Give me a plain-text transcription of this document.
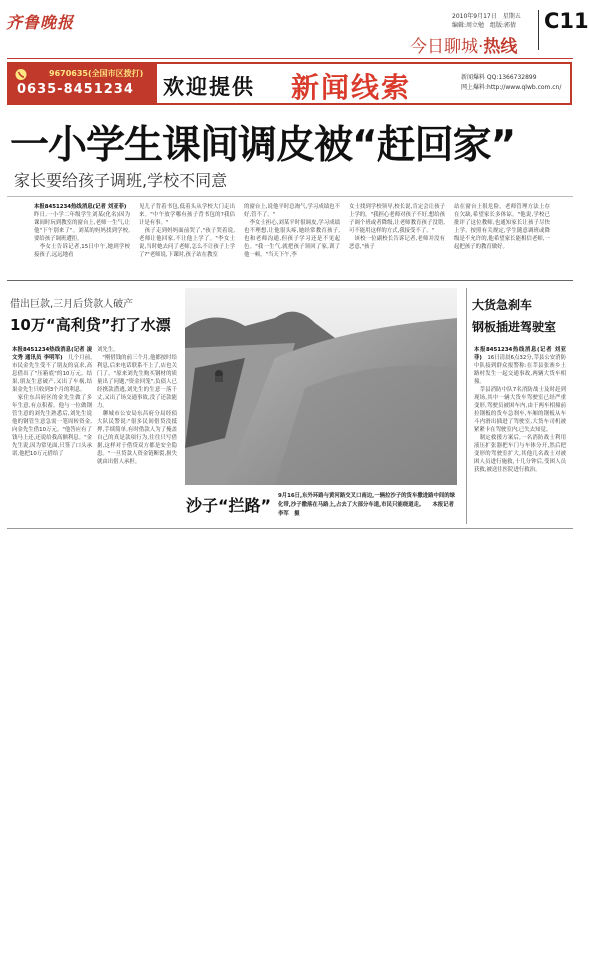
齐鲁晚报	2010年9月17日　星期五
编辑:周立勉　组版:郭倩	C11
今日聊城·热线
9670635(全国市区拨打)
0635-8451234 欢迎提供 新闻线索	新闻爆料 QQ:1366732899
网上爆料:http://www.qlwb.com.cn/
一小学生课间调皮被“赶回家”
家长要给孩子调班,学校不同意
本报8451234热线消息(记者 刘亚菲)　昨日,一小学二年级学生刘某(化名)因为课间时玩到教室的窗台上,老师一生气,让他"下午别来了"。刘某的妈妈找到学校,要给孩子调班遭拒。
　李女士告诉记者,15日中午,她到学校接孩子,远远地看
见儿子背着书包,低着头从学校大门走出来。"中午放学哪有孩子背书包的?我估计是有事。"
　孩子走到妈妈面前哭了,"孩子哭着说,老师让他回家,不让他上学了。"李女士说,当时她去问了老师,怎么不让孩子上学了?"老师说,下课时,孩子站在教室
的窗台上,说他平时总淘气,学习成绩也不好,管不了。"
　李女士担心,刘某平时很调皮,学习成绩也不理想,让他很头疼,她经常教育孩子,也和老师沟通,但孩子学习还是不见起色。"我一生气,就把孩子领回了家,训了他一顿。"当天下午,李
女士找到学校领导,校长说,肯定会让孩子上学的。"我担心老师对孩子不好,想给孩子调个班或者降级,让老师教育孩子没错,可不能用这样的方式,我接受不了。"
　该校一位副校长告诉记者,老师并没有恶意,"孩子
站在窗台上很危险。老师管理方法上存在欠缺,希望家长多体谅。"他说,学校已批评了这位教师,也通知家长让孩子尽快上学。按照有关规定,学生随意调班或降级是不允许的,他希望家长能相信老师,一起把孩子的教育做好。
借出巨款,三月后贷款人破产
10万“高利贷”打了水漂
本报8451234热线消息(记者 凌文秀 通讯员 李明军)　几个月前,市民金先生受不了朋友的哀求,高息借出了"压箱底"的10万元。结果,朋友生意破产,又出了车祸,结果金先生只收到3个月的利息。
　家住东昌府区的金先生做了多年生意,有点积蓄。他与一位做钢管生意的刘先生熟悉后,刘先生说他的钢管生意急需一笔周转资金,向金先生借10万元。"他答应有了钱马上还,还说给我高额利息。"金先生说,因为常见面,只签了口头承诺,他把10万元借给了
刘先生。
　"刚借钱的前三个月,他都按时给利息,后来电话联系不上了,店也关门了。"原来刘先生购买钢材的质量出了问题,"资金回笼",负债人已经携款潜逃,刘先生的生意一落千丈,又出了场交通事故,没了还款能力。
　聊城市公安局东昌府分局经侦大队民警说:"很多民间借贷没抵押,手续简单,有时借款人为了掩盖自己的真是款项行为,往往只写借据,这样对于借贷双方都是安全隐患。"一旦贷款人资金链断裂,损失就由出借人承担。
沙子“拦路” 9月16日,东外环路与黄河路交叉口南边,一辆拉沙子的货车撒进路中间的绿化带,沙子撒落在马路上,占去了大部分车道,市民只能绕道走。　　本报记者　李军　摄
大货急刹车
钢板插进驾驶室
本报8451234热线消息(记者 刘亚菲)　16日清晨6点32分,莘县公安消防中队接到群众报警称:在莘县张寨乡土路村发生一起交通事故,两辆大货车相撞。
　莘县消防中队7名消防战士及时赶到现场,其中一辆大货车驾驶室已经严重变形,驾驶员被困车内,由于两车相撞前拉钢板的货车急刹车,车厢的钢板从车斗内滑出插进了驾驶室,大货车司机被紧紧卡在驾驶室内,已失去知觉。
　制定救援方案后,一名消防战士利用液压扩张器把车门与车体分开,然后把变形的驾驶室扩大,其他几名战士对被困人员进行施救,十几分钟后,受困人员获救,被送往医院进行救治。
